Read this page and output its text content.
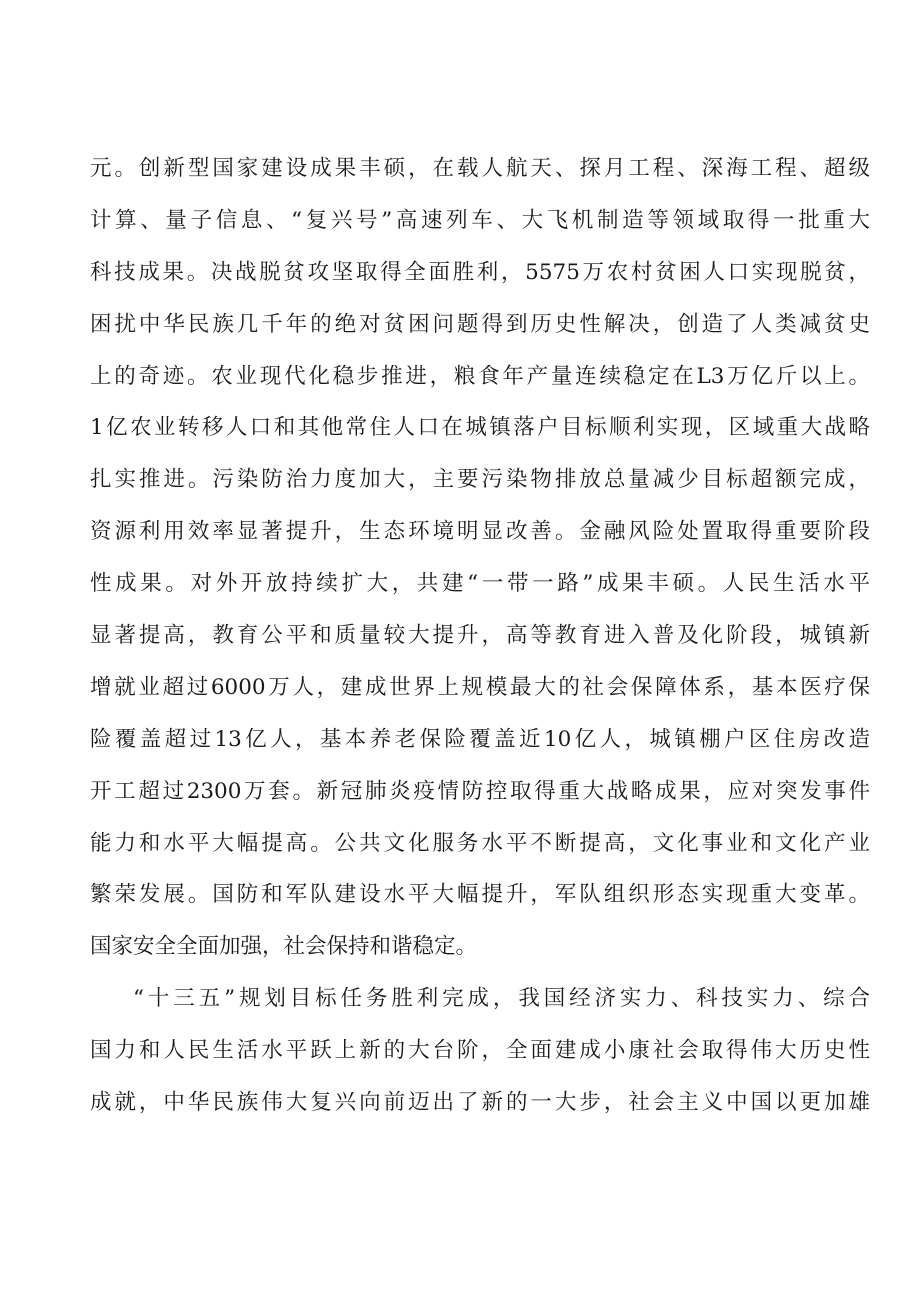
元。创新型国家建设成果丰硕，在载人航天、探月工程、深海工程、超级
计算、量子信息、“复兴号”高速列车、大飞机制造等领域取得一批重大
科技成果。决战脱贫攻坚取得全面胜利，5575万农村贫困人口实现脱贫，
困扰中华民族几千年的绝对贫困问题得到历史性解决，创造了人类减贫史
上的奇迹。农业现代化稳步推进，粮食年产量连续稳定在L3万亿斤以上。
1亿农业转移人口和其他常住人口在城镇落户目标顺利实现，区域重大战略
扎实推进。污染防治力度加大，主要污染物排放总量减少目标超额完成，
资源利用效率显著提升，生态环境明显改善。金融风险处置取得重要阶段
性成果。对外开放持续扩大，共建“一带一路”成果丰硕。人民生活水平
显著提高，教育公平和质量较大提升，高等教育进入普及化阶段，城镇新
增就业超过6000万人，建成世界上规模最大的社会保障体系，基本医疗保
险覆盖超过13亿人，基本养老保险覆盖近10亿人，城镇棚户区住房改造
开工超过2300万套。新冠肺炎疫情防控取得重大战略成果，应对突发事件
能力和水平大幅提高。公共文化服务水平不断提高，文化事业和文化产业
繁荣发展。国防和军队建设水平大幅提升，军队组织形态实现重大变革。
国家安全全面加强，社会保持和谐稳定。
“十三五”规划目标任务胜利完成，我国经济实力、科技实力、综合
国力和人民生活水平跃上新的大台阶，全面建成小康社会取得伟大历史性
成就，中华民族伟大复兴向前迈出了新的一大步，社会主义中国以更加雄
